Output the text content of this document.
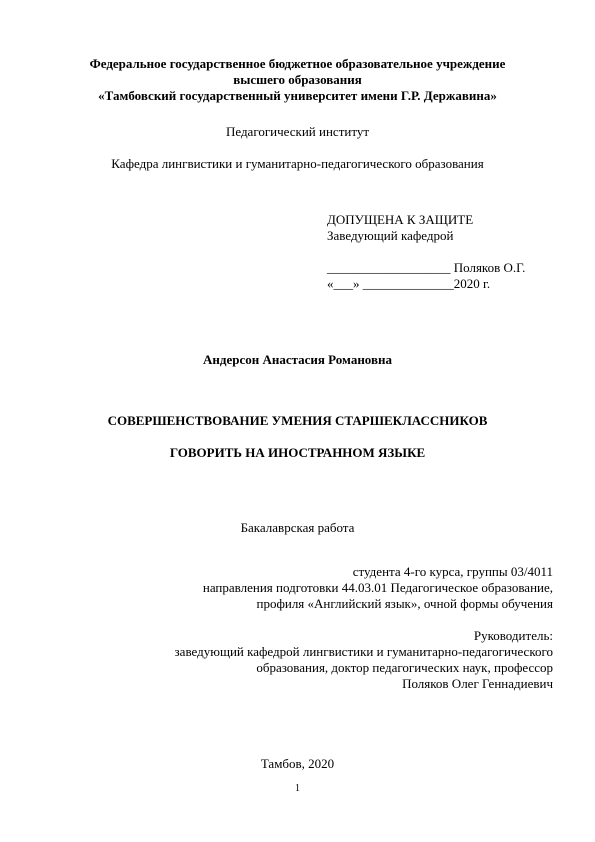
Федеральное государственное бюджетное образовательное учреждение
высшего образования
«Тамбовский государственный университет имени Г.Р. Державина»
Педагогический институт
Кафедра лингвистики и гуманитарно-педагогического образования
ДОПУЩЕНА К ЗАЩИТЕ
Заведующий кафедрой
___________________ Поляков О.Г.
«___» ______________2020 г.
Андерсон Анастасия Романовна
СОВЕРШЕНСТВОВАНИЕ УМЕНИЯ СТАРШЕКЛАССНИКОВ
ГОВОРИТЬ НА ИНОСТРАННОМ ЯЗЫКЕ
Бакалаврская работа
студента 4-го курса, группы 03/4011
направления подготовки 44.03.01 Педагогическое образование,
профиля «Английский язык», очной формы обучения
Руководитель:
заведующий кафедрой лингвистики и гуманитарно-педагогического
образования, доктор педагогических наук, профессор
Поляков Олег Геннадиевич
Тамбов, 2020
1
